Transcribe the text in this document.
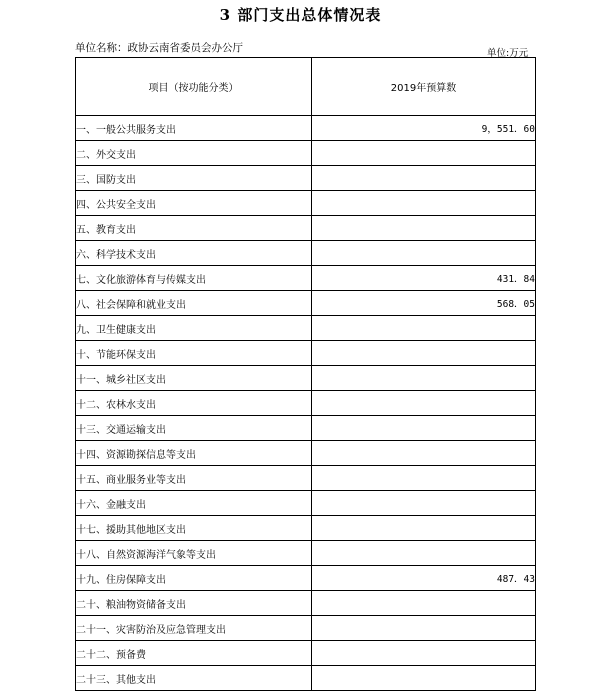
3 部门支出总体情况表
单位名称：政协云南省委员会办公厅	单位:万元
项目（按功能分类）	2019年预算数
一、一般公共服务支出	9，551．60
二、外交支出	
三、国防支出	
四、公共安全支出	
五、教育支出	
六、科学技术支出	
七、文化旅游体育与传媒支出	431．84
八、社会保障和就业支出	568．05
九、卫生健康支出	
十、节能环保支出	
十一、城乡社区支出	
十二、农林水支出	
十三、交通运输支出	
十四、资源勘探信息等支出	
十五、商业服务业等支出	
十六、金融支出	
十七、援助其他地区支出	
十八、自然资源海洋气象等支出	
十九、住房保障支出	487．43
二十、粮油物资储备支出	
二十一、灾害防治及应急管理支出	
二十二、预备费	
二十三、其他支出	
